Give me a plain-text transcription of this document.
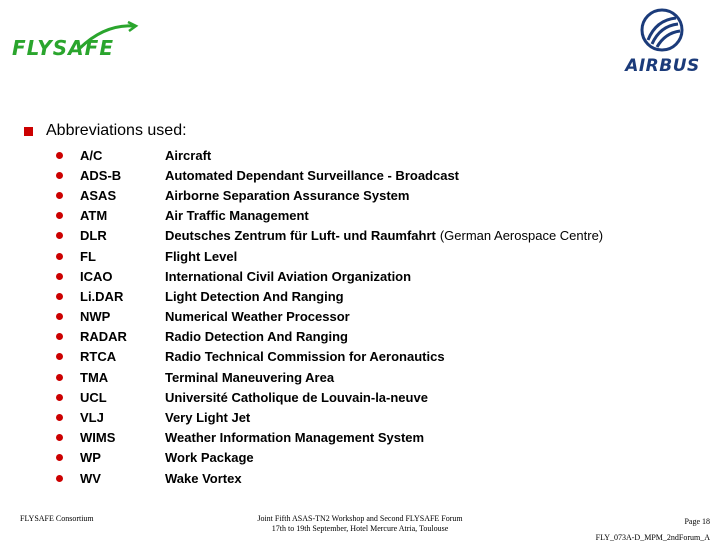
FLYSAFE
AIRBUS
Abbreviations used:
A/C	Aircraft
ADS-B	Automated Dependant Surveillance - Broadcast
ASAS	Airborne Separation Assurance System
ATM	Air Traffic Management
DLR	Deutsches Zentrum für Luft- und Raumfahrt (German Aerospace Centre)
FL	Flight Level
ICAO	International Civil Aviation Organization
Li.DAR	Light Detection And Ranging
NWP	Numerical Weather Processor
RADAR	Radio Detection And Ranging
RTCA	Radio Technical Commission for Aeronautics
TMA	Terminal Maneuvering Area
UCL	Université Catholique de Louvain-la-neuve
VLJ	Very Light Jet
WIMS	Weather Information Management System
WP	Work Package
WV	Wake Vortex
FLYSAFE Consortium	Joint Fifth ASAS-TN2 Workshop and Second FLYSAFE Forum
17th to 19th September, Hotel Mercure Atria, Toulouse
Page 18
FLY_073A-D_MPM_2ndForum_A
